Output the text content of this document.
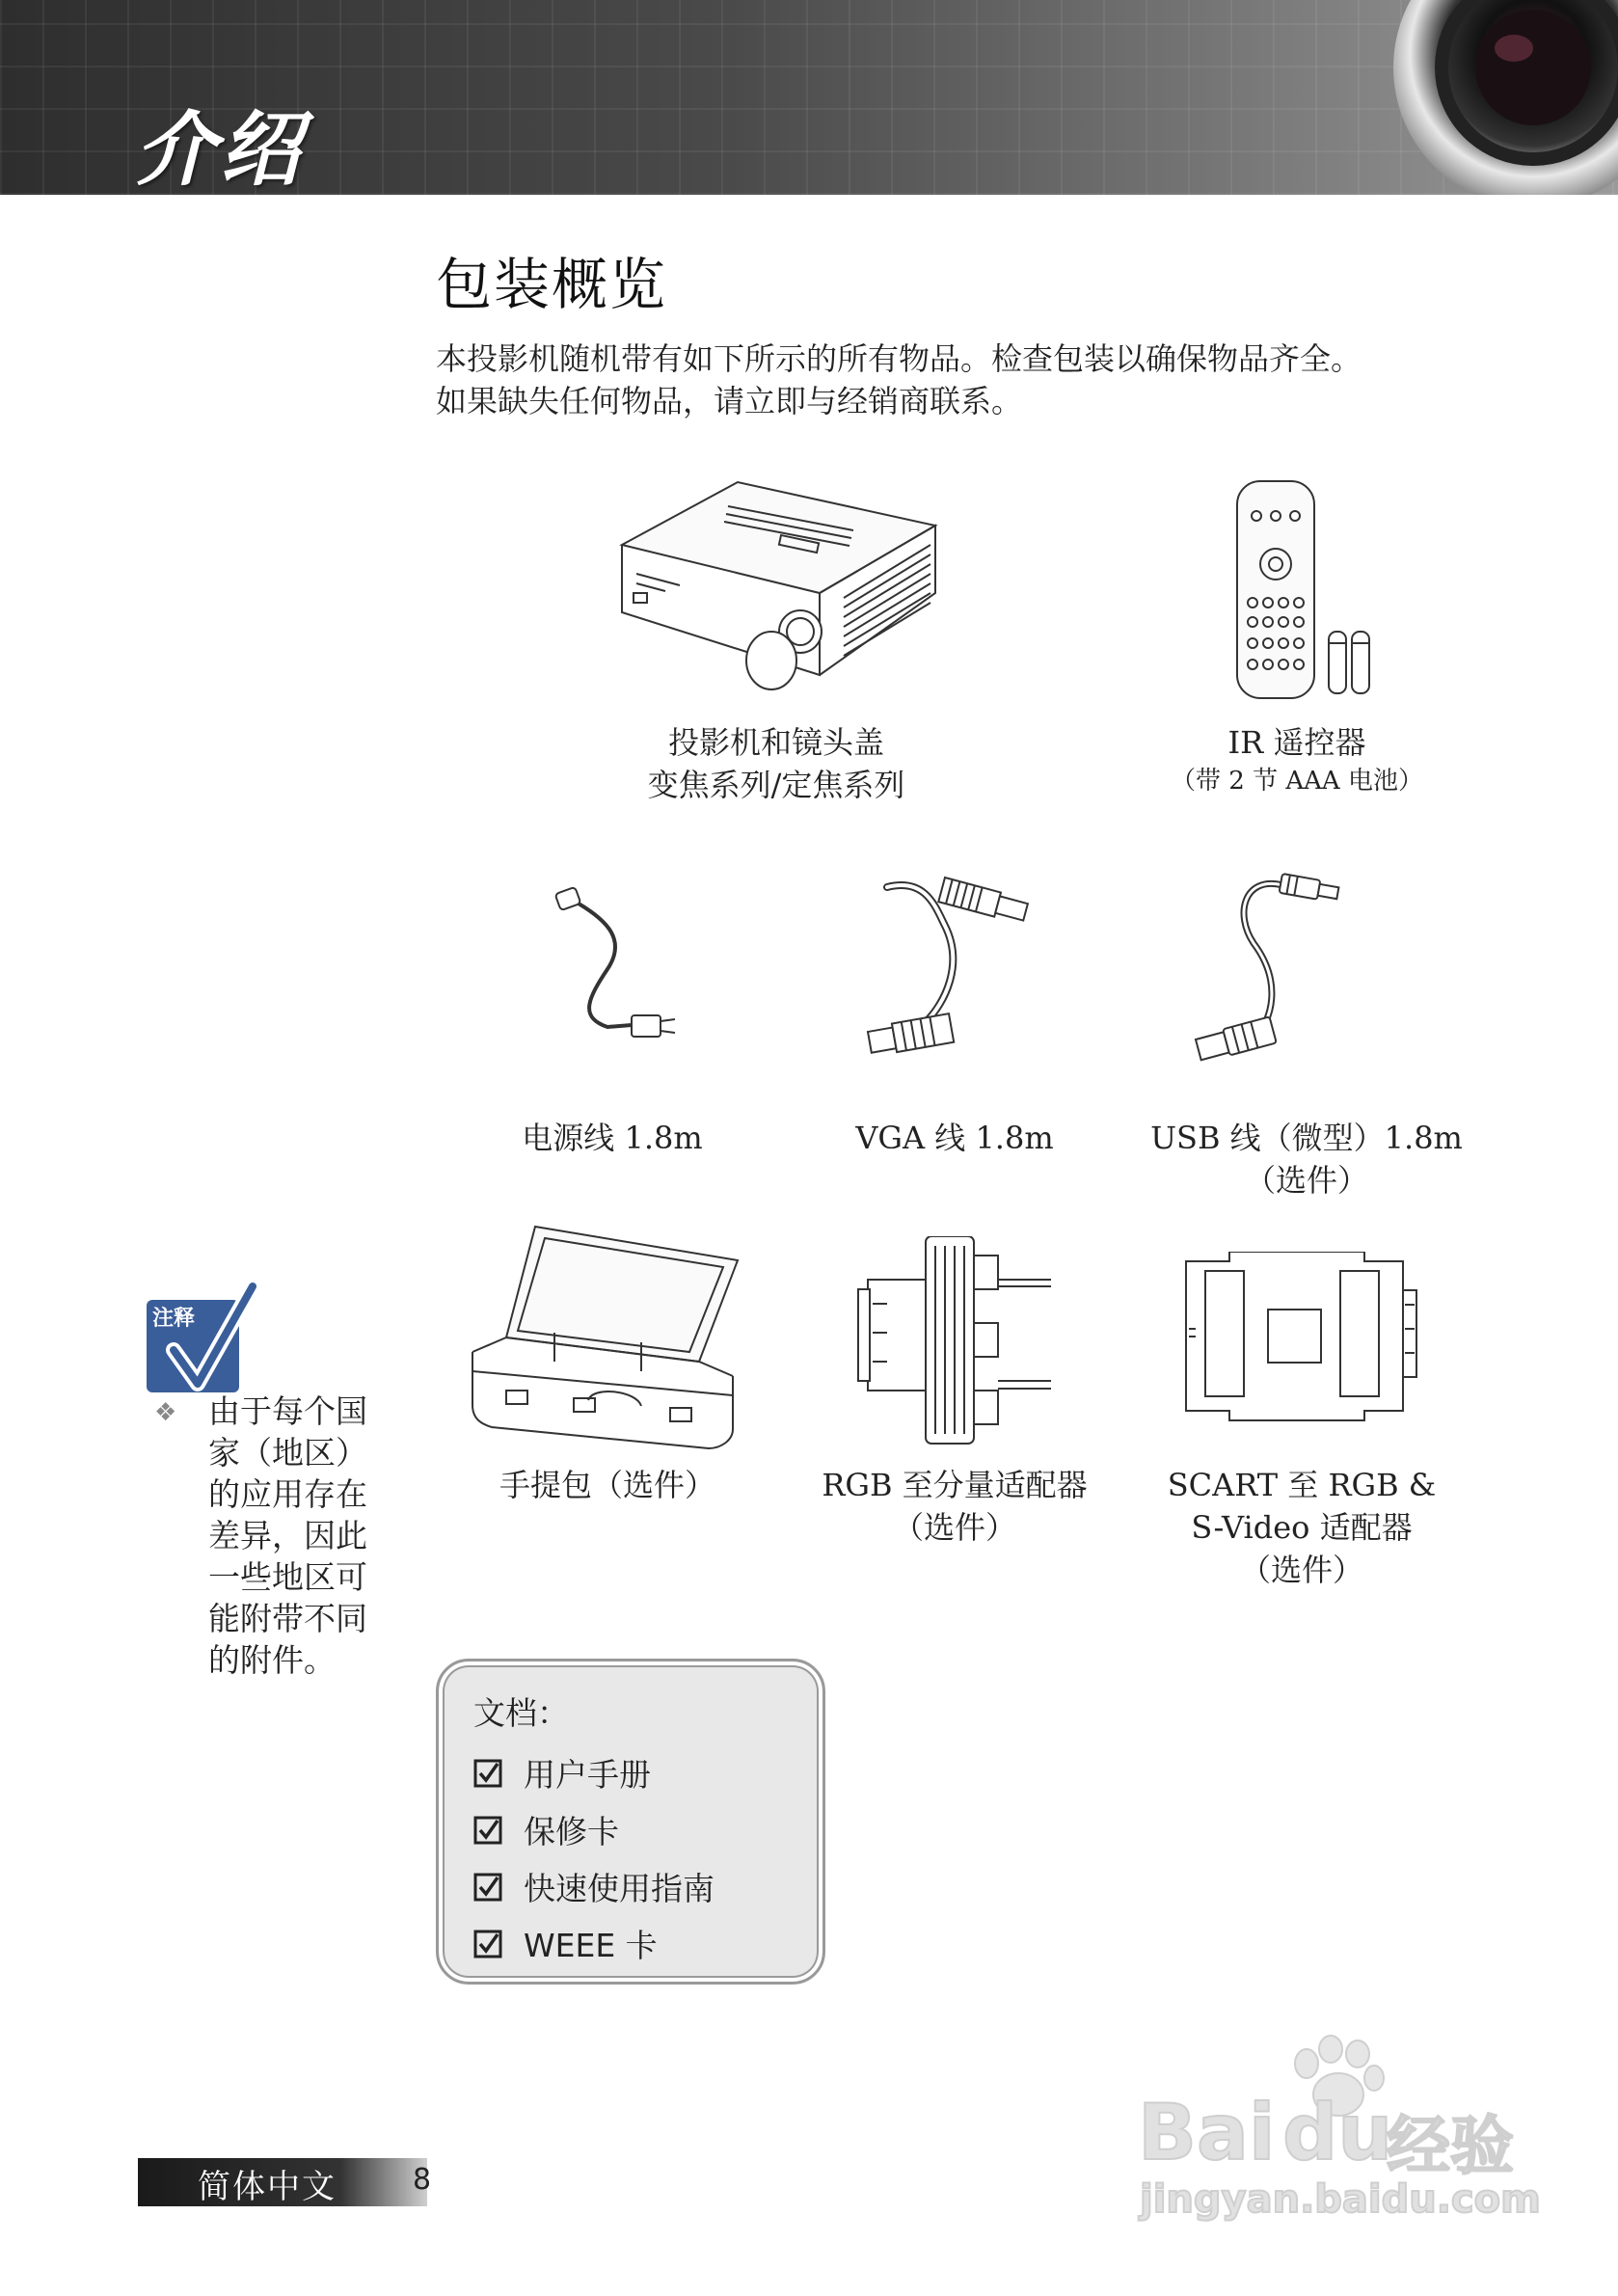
介绍
包装概览

本投影机随机带有如下所示的所有物品。检查包装以确保物品齐全。

如果缺失任何物品，请立即与经销商联系。

投影机和镜头盖
变焦系列/定焦系列
IR 遥控器
（带 2 节 AAA 电池）
电源线 1.8m	VGA 线 1.8m	USB 线（微型）1.8m
（选件）
手提包（选件）	RGB 至分量适配器
（选件）
SCART 至 RGB &
S-Video 适配器
（选件）
注释
❖ 由于每个国家（地区）的应用存在差异，因此一些地区可能附带不同的附件。
文档：
用户手册
保修卡
快速使用指南
WEEE 卡
简体中文	8
Bai du
经验
jingyan.baidu.com
